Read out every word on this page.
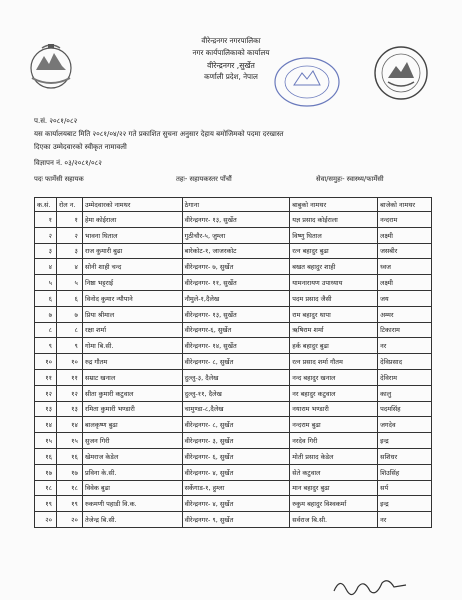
वीरेन्द्रनगर नगरपालिका
नगर कार्यपालिकाको कार्यालय
वीरेन्द्रनगर ,सुर्खेत
कर्णाली प्रदेश, नेपाल
प.सं. २०८१/०८२
यस कार्यालयबाट मिति २०८१/०४/२२ गते प्रकाशित सुचना अनुसार देहाय बमोजिमको पदमा दरखास्त
दिएका उम्मेदवारको स्वीकृत नामावली
विज्ञापन नं. ०३/२०८१/०८२
पदः फार्मेसी सहायक	तहः- सहायकस्तर पाँचौं	सेवा/समुहः- स्वास्थ्य/फार्मेसी
क.सं.	रोल न.	उम्मेदवारको नामथर	ठेगाना	बाबुको नामथर	बाजेको नामथर
१	१	हेमा कोईराला	वीरेन्द्रनगर- १३, सुर्खेत	यज्ञ प्रसाद कोईराला	नन्दराम
२	२	भावना घिताल	गुठीचौर-५, जुम्ला	विष्णु घिताल	लक्ष्मी
३	३	राज कुमारी बुढा	बारेकोट-१, जाजरकोट	रत्न बहादुर बुढा	जसबीर
४	४	सोनी शाही चन्द	वीरेन्द्रनगर- ७, सुर्खेत	बखत बहादुर शाही	ध्वज
५	५	निष्ठा भट्टराई	वीरेन्द्रनगर- ११, सुर्खेत	यामनारायण उपाध्याय	लक्ष्मी
६	६	विनोद कुमार न्यौपाने	नौमुले-१,दैलेख	पदम प्रसाद जैसी	जय
७	७	प्रिया श्रीमाल	वीरेन्द्रनगर- १३, सुर्खेत	राम बहादुर थापा	अम्मर
८	८	रक्षा शर्मा	वीरेन्द्रनगर-६, सुर्खेत	ऋषिराम शर्मा	टिकाराम
९	९	गोमा बि.सी.	वीरेन्द्रनगर- १४, सुर्खेत	हर्क बहादुर बुढा	नर
१०	१०	रुद्र गौतम	वीरेन्द्रनगर- ८, सुर्खेत	रत्न प्रसाद शर्मा गौतम	देविप्रसाद
११	११	सम्राट खनाल	दुल्लु-३, दैलेख	नन्द बहादुर खनाल	देविराम
१२	१२	सीता कुमारी कटुवाल	दुल्लु-११, दैलेख	नर बहादुर कटुवाल	कालु
१३	१३	रमिता कुमारी भण्डारी	चामुण्डा-८,दैलेख	नयाराम भण्डारी	पदमसिंह
१४	१४	बालकृष्ण बुढा	वीरेन्द्रनगर- ८, सुर्खेत	नन्दराम बुढा	जगदेव
१५	१५	सुजन गिरी	वीरेन्द्रनगर- ३, सुर्खेत	नरदेव गिरी	इन्द्र
१६	१६	खेमराज केडेल	वीरेन्द्रनगर- ६, सुर्खेत	मोती प्रसाद केडेल	सशिधर
१७	१७	प्रविना के.सी.	वीरेन्द्रनगर- ४, सुर्खेत	सेते कटुवाल	शिउसिंह
१८	१८	विवेक बुढा	सर्केगाड-१, हुम्ला	मान बहादुर बुढा	सर्प
१९	१९	रुकमणी पहाडी वि.क.	वीरेन्द्रनगर- ४, सुर्खेत	रुकुम बहादुर विश्वकर्मा	इन्द्र
२०	२०	तेजेन्द्र बि.सी.	वीरेन्द्रनगर- ९, सुर्खेत	सर्वराज बि.सी.	नर
